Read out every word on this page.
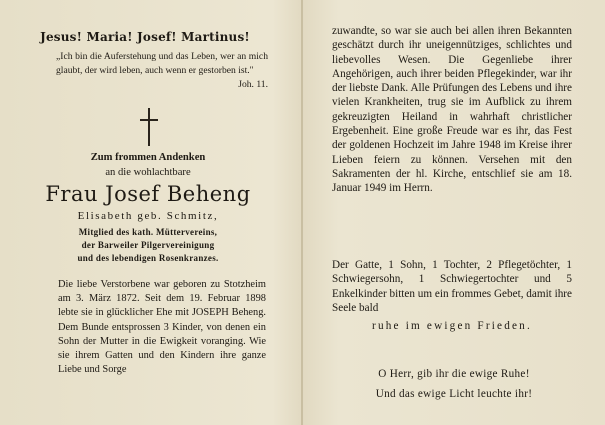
Jesus! Maria! Josef! Martinus!
„Ich bin die Auferstehung und das Leben, wer an mich glaubt, der wird leben, auch wenn er gestorben ist."
Joh. 11.
Zum frommen Andenken
an die wohlachtbare
Frau Josef Beheng
Elisabeth geb. Schmitz,
Mitglied des kath. Müttervereins,
der Barweiler Pilgervereinigung
und des lebendigen Rosenkranzes.
Die liebe Verstorbene war geboren zu Stotzheim am 3. März 1872. Seit dem 19. Februar 1898 lebte sie in glücklicher Ehe mit JOSEPH Beheng. Dem Bunde entsprossen 3 Kinder, von denen ein Sohn der Mutter in die Ewigkeit voranging. Wie sie ihrem Gatten und den Kindern ihre ganze Liebe und Sorge
zuwandte, so war sie auch bei allen ihren Bekannten geschätzt durch ihr uneigennütziges, schlichtes und liebevolles Wesen. Die Gegenliebe ihrer Angehörigen, auch ihrer beiden Pflegekinder, war ihr der liebste Dank. Alle Prüfungen des Lebens und ihre vielen Krankheiten, trug sie im Aufblick zu ihrem gekreuzigten Heiland in wahrhaft christlicher Ergebenheit. Eine große Freude war es ihr, das Fest der goldenen Hochzeit im Jahre 1948 im Kreise ihrer Lieben feiern zu können. Versehen mit den Sakramenten der hl. Kirche, entschlief sie am 18. Januar 1949 im Herrn.
Der Gatte, 1 Sohn, 1 Tochter, 2 Pflegetöchter, 1 Schwiegersohn, 1 Schwiegertochter und 5 Enkelkinder bitten um ein frommes Gebet, damit ihre Seele bald
ruhe im ewigen Frieden.
O Herr, gib ihr die ewige Ruhe!
Und das ewige Licht leuchte ihr!
